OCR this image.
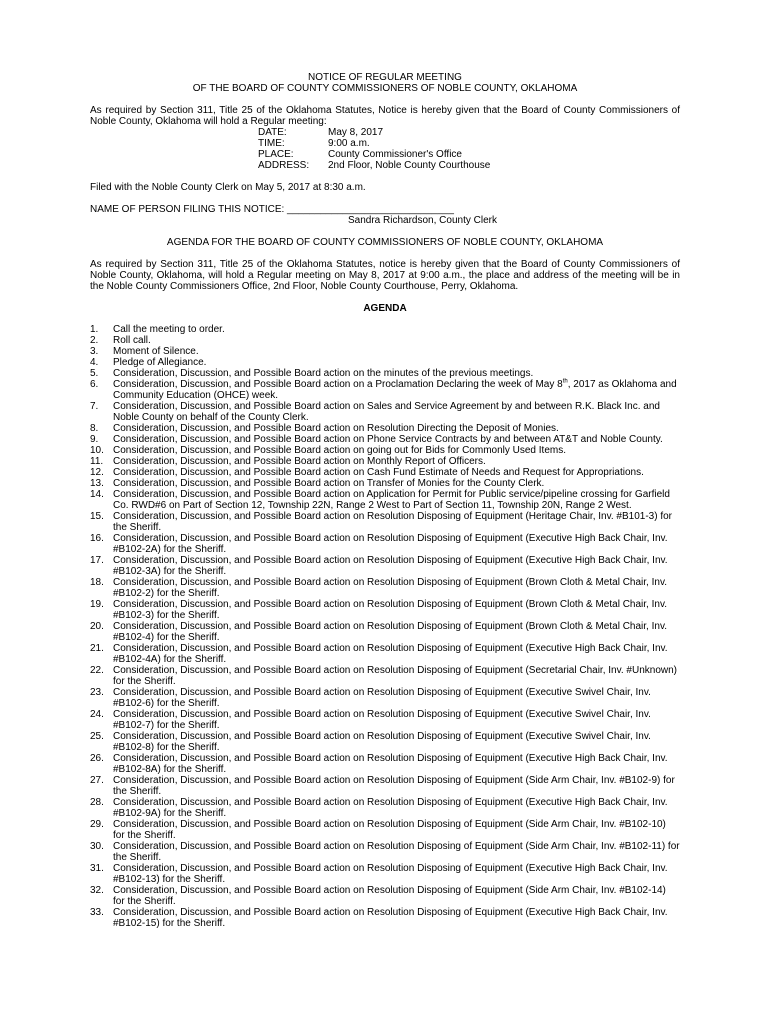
NOTICE OF REGULAR MEETING
OF THE BOARD OF COUNTY COMMISSIONERS OF NOBLE COUNTY, OKLAHOMA
As required by Section 311, Title 25 of the Oklahoma Statutes, Notice is hereby given that the Board of County Commissioners of Noble County, Oklahoma will hold a Regular meeting:
DATE:	May 8, 2017
TIME:	9:00 a.m.
PLACE:	County Commissioner's Office
ADDRESS:	2nd Floor, Noble County Courthouse
Filed with the Noble County Clerk on May 5, 2017 at 8:30 a.m.
NAME OF PERSON FILING THIS NOTICE: ______________________________
Sandra Richardson, County Clerk
AGENDA FOR THE BOARD OF COUNTY COMMISSIONERS OF NOBLE COUNTY, OKLAHOMA
As required by Section 311, Title 25 of the Oklahoma Statutes, notice is hereby given that the Board of County Commissioners of Noble County, Oklahoma, will hold a Regular meeting on May 8, 2017 at 9:00 a.m., the place and address of the meeting will be in the Noble County Commissioners Office, 2nd Floor, Noble County Courthouse, Perry, Oklahoma.
AGENDA
1.	Call the meeting to order.
2.	Roll call.
3.	Moment of Silence.
4.	Pledge of Allegiance.
5.	Consideration, Discussion, and Possible Board action on the minutes of the previous meetings.
6.	Consideration, Discussion, and Possible Board action on a Proclamation Declaring the week of May 8th, 2017 as Oklahoma and Community Education (OHCE) week.
7.	Consideration, Discussion, and Possible Board action on Sales and Service Agreement by and between R.K. Black Inc. and Noble County on behalf of the County Clerk.
8.	Consideration, Discussion, and Possible Board action on Resolution Directing the Deposit of Monies.
9.	Consideration, Discussion, and Possible Board action on Phone Service Contracts by and between AT&T and Noble County.
10. Consideration, Discussion, and Possible Board action on going out for Bids for Commonly Used Items.
11. Consideration, Discussion, and Possible Board action on Monthly Report of Officers.
12. Consideration, Discussion, and Possible Board action on Cash Fund Estimate of Needs and Request for Appropriations.
13. Consideration, Discussion, and Possible Board action on Transfer of Monies for the County Clerk.
14. Consideration, Discussion, and Possible Board action on Application for Permit for Public service/pipeline crossing for Garfield Co. RWD#6 on Part of Section 12, Township 22N, Range 2 West to Part of Section 11, Township 20N, Range 2 West.
15. Consideration, Discussion, and Possible Board action on Resolution Disposing of Equipment (Heritage Chair, Inv. #B101-3) for the Sheriff.
16. Consideration, Discussion, and Possible Board action on Resolution Disposing of Equipment (Executive High Back Chair, Inv. #B102-2A) for the Sheriff.
17. Consideration, Discussion, and Possible Board action on Resolution Disposing of Equipment (Executive High Back Chair, Inv. #B102-3A) for the Sheriff.
18. Consideration, Discussion, and Possible Board action on Resolution Disposing of Equipment (Brown Cloth & Metal Chair, Inv. #B102-2) for the Sheriff.
19. Consideration, Discussion, and Possible Board action on Resolution Disposing of Equipment (Brown Cloth & Metal Chair, Inv. #B102-3) for the Sheriff.
20. Consideration, Discussion, and Possible Board action on Resolution Disposing of Equipment (Brown Cloth & Metal Chair, Inv. #B102-4) for the Sheriff.
21. Consideration, Discussion, and Possible Board action on Resolution Disposing of Equipment (Executive High Back Chair, Inv. #B102-4A) for the Sheriff.
22. Consideration, Discussion, and Possible Board action on Resolution Disposing of Equipment (Secretarial Chair, Inv. #Unknown) for the Sheriff.
23. Consideration, Discussion, and Possible Board action on Resolution Disposing of Equipment (Executive Swivel Chair, Inv. #B102-6) for the Sheriff.
24. Consideration, Discussion, and Possible Board action on Resolution Disposing of Equipment (Executive Swivel Chair, Inv. #B102-7) for the Sheriff.
25. Consideration, Discussion, and Possible Board action on Resolution Disposing of Equipment (Executive Swivel Chair, Inv. #B102-8) for the Sheriff.
26. Consideration, Discussion, and Possible Board action on Resolution Disposing of Equipment (Executive High Back Chair, Inv. #B102-8A) for the Sheriff.
27. Consideration, Discussion, and Possible Board action on Resolution Disposing of Equipment (Side Arm Chair, Inv. #B102-9) for the Sheriff.
28. Consideration, Discussion, and Possible Board action on Resolution Disposing of Equipment (Executive High Back Chair, Inv. #B102-9A) for the Sheriff.
29. Consideration, Discussion, and Possible Board action on Resolution Disposing of Equipment (Side Arm Chair, Inv. #B102-10) for the Sheriff.
30. Consideration, Discussion, and Possible Board action on Resolution Disposing of Equipment (Side Arm Chair, Inv. #B102-11) for the Sheriff.
31. Consideration, Discussion, and Possible Board action on Resolution Disposing of Equipment (Executive High Back Chair, Inv. #B102-13) for the Sheriff.
32. Consideration, Discussion, and Possible Board action on Resolution Disposing of Equipment (Side Arm Chair, Inv. #B102-14) for the Sheriff.
33. Consideration, Discussion, and Possible Board action on Resolution Disposing of Equipment (Executive High Back Chair, Inv. #B102-15) for the Sheriff.
